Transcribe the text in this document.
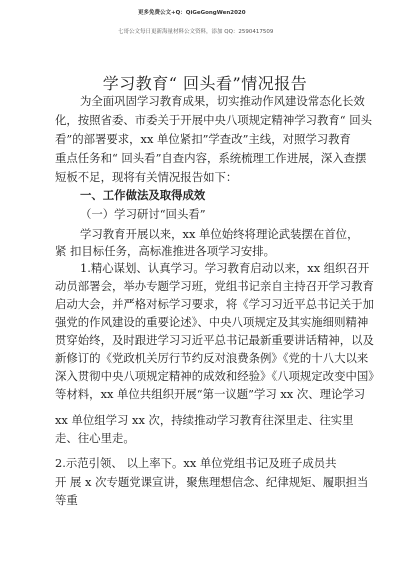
更多免费公文+Q：QiGeGongWen2020
七哥公文每日更新海量材料公文资料，添加 QQ：2590417509
学习教育“ 回头看”情况报告
为全面巩固学习教育成果，切实推动作风建设常态化长效
化，按照省委、市委关于开展中央八项规定精神学习教育“ 回头
看”的部署要求，xx 单位紧扣”学查改”主线，对照学习教育
重点任务和“ 回头看”自查内容，系统梳理工作进展，深入查摆
短板不足，现将有关情况报告如下：
一、工作做法及取得成效
（一）学习研讨“回头看”
学习教育开展以来，xx 单位始终将理论武装摆在首位，
紧 扣目标任务，高标准推进各项学习安排。
1.精心谋划、认真学习。学习教育启动以来，xx 组织召开
动员部署会，举办专题学习班，党组书记亲自主持召开学习教育
启动大会，并严格对标学习要求，将《学习习近平总书记关于加
强党的作风建设的重要论述》、中央八项规定及其实施细则精神
贯穿始终，及时跟进学习习近平总书记最新重要讲话精神，以及
新修订的《党政机关厉行节约反对浪费条例》《党的十八大以来
深入贯彻中央八项规定精神的成效和经验》《八项规定改变中国》
等材料，xx 单位共组织开展“第一议题”学习 xx 次、理论学习
xx 单位组学习 xx 次，持续推动学习教育往深里走、往实里
走、往心里走。
2.示范引领、 以上率下。xx 单位党组书记及班子成员共
开 展 x 次专题党课宣讲，聚焦理想信念、纪律规矩、履职担当
等重
